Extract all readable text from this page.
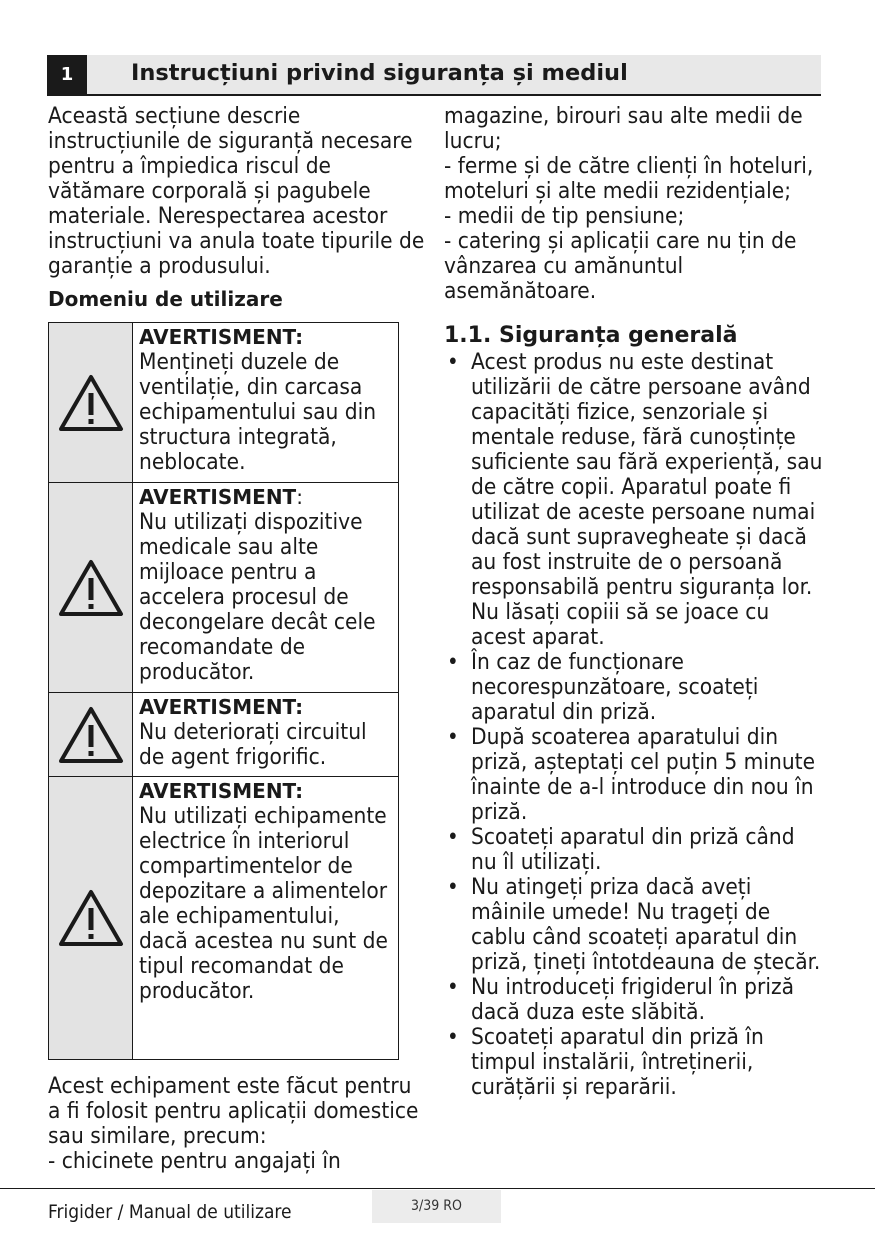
1	Instrucțiuni privind siguranța și mediul

Această secțiune descrie instrucțiunile de siguranță necesare pentru a împiedica riscul de vătămare corporală și pagubele materiale. Nerespectarea acestor instrucțiuni va anula toate tipurile de garanție a produsului.

Domeniu de utilizare

AVERTISMENT:
Mențineți duzele de ventilație, din carcasa echipamentului sau din structura integrată, neblocate.

AVERTISMENT:
Nu utilizați dispozitive medicale sau alte mijloace pentru a accelera procesul de decongelare decât cele recomandate de producător.

AVERTISMENT:
Nu deteriorați circuitul de agent frigorific.

AVERTISMENT:
Nu utilizați echipamente electrice în interiorul compartimentelor de depozitare a alimentelor ale echipamentului, dacă acestea nu sunt de tipul recomandat de producător.

Acest echipament este făcut pentru a fi folosit pentru aplicații domestice sau similare, precum:

- chicinete pentru angajați în

magazine, birouri sau alte medii de lucru;

- ferme și de către clienți în hoteluri, moteluri și alte medii rezidențiale;

- medii de tip pensiune;

- catering și aplicații care nu țin de vânzarea cu amănuntul asemănătoare.

1.1. Siguranța generală

• Acest produs nu este destinat utilizării de către persoane având capacități fizice, senzoriale și mentale reduse, fără cunoștințe suficiente sau fără experiență, sau de către copii. Aparatul poate fi utilizat de aceste persoane numai dacă sunt supravegheate și dacă au fost instruite de o persoană responsabilă pentru siguranța lor. Nu lăsați copiii să se joace cu acest aparat.
• În caz de funcționare necorespunzătoare, scoateți aparatul din priză.
• După scoaterea aparatului din priză, așteptați cel puțin 5 minute înainte de a-l introduce din nou în priză.
• Scoateți aparatul din priză când nu îl utilizați.
• Nu atingeți priza dacă aveți mâinile umede! Nu trageți de cablu când scoateți aparatul din priză, țineți întotdeauna de ștecăr.
• Nu introduceți frigiderul în priză dacă duza este slăbită.
• Scoateți aparatul din priză în timpul instalării, întreținerii, curățării și reparării.
Frigider / Manual de utilizare	3/39 RO
